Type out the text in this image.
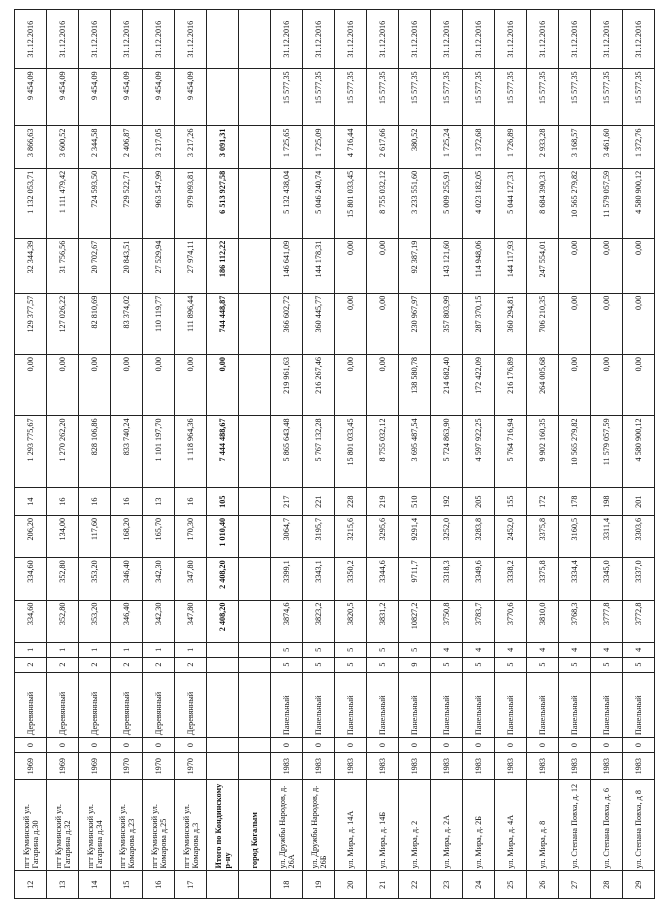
12	пгт Куминский ул. Гагарина д.30	1969	0	Деревянный	2	1	334,60	334,60	206,20	14	1 293 775,67	0,00	129 377,57	32 344,39	1 132 053,71	3 866,63	9 454,09	31.12.2016
13	пгт Куминский ул. Гагарина д.32	1969	0	Деревянный	2	1	352,80	352,80	134,00	16	1 270 262,20	0,00	127 026,22	31 756,56	1 111 479,42	3 600,52	9 454,09	31.12.2016
14	пгт Куминский ул. Гагарина д.34	1969	0	Деревянный	2	1	353,20	353,20	117,60	16	828 106,86	0,00	82 810,69	20 702,67	724 593,50	2 344,58	9 454,09	31.12.2016
15	пгт Куминский ул. Комарова д.23	1970	0	Деревянный	2	1	346,40	346,40	168,20	16	833 740,24	0,00	83 374,02	20 843,51	729 522,71	2 406,87	9 454,09	31.12.2016
16	пгт Куминский ул. Комарова д.25	1970	0	Деревянный	2	1	342,30	342,30	165,70	13	1 101 197,70	0,00	110 119,77	27 529,94	963 547,99	3 217,05	9 454,09	31.12.2016
17	пгт Куминский ул. Комарова д.3	1970	0	Деревянный	2	1	347,80	347,80	170,30	16	1 118 964,36	0,00	111 896,44	27 974,11	979 093,81	3 217,26	9 454,09	31.12.2016
	Итого по Кондинскому р-ну						2 408,20	2 408,20	1 010,40	105	7 444 488,67	0,00	744 448,87	186 112,22	6 513 927,58	3 091,31		
	город Когалым																	
18	ул. Дружбы Народов, д. 26А	1983	0	Панельный	5	5	3874,6	3399,1	3064,7	217	5 865 643,48	219 961,63	366 602,72	146 641,09	5 132 438,04	1 725,65	15 577,35	31.12.2016
19	ул. Дружбы Народов, д. 26Б	1983	0	Панельный	5	5	3823,2	3343,1	3195,7	221	5 767 132,28	216 267,46	360 445,77	144 178,31	5 046 240,74	1 725,09	15 577,35	31.12.2016
20	ул. Мира, д. 14А	1983	0	Панельный	5	5	3820,5	3350,2	3215,6	228	15 801 033,45	0,00	0,00	0,00	15 801 033,45	4 716,44	15 577,35	31.12.2016
21	ул. Мира, д. 14Б	1983	0	Панельный	5	5	3831,2	3344,6	3295,6	219	8 755 032,12	0,00	0,00	0,00	8 755 032,12	2 617,66	15 577,35	31.12.2016
22	ул. Мира, д. 2	1983	0	Панельный	9	5	10827,2	9711,7	9291,4	510	3 695 487,54	138 580,78	230 967,97	92 387,19	3 233 551,60	380,52	15 577,35	31.12.2016
23	ул. Мира, д. 2А	1983	0	Панельный	5	4	3750,8	3318,3	3252,0	192	5 724 863,90	214 682,40	357 803,99	143 121,60	5 009 255,91	1 725,24	15 577,35	31.12.2016
24	ул. Мира, д. 2Б	1983	0	Панельный	5	4	3783,7	3349,6	3283,8	205	4 597 922,25	172 422,09	287 370,15	114 948,06	4 023 182,05	1 372,68	15 577,35	31.12.2016
25	ул. Мира, д. 4А	1983	0	Панельный	5	4	3770,6	3338,2	2452,0	155	5 764 716,94	216 176,89	360 294,81	144 117,93	5 044 127,31	1 726,89	15 577,35	31.12.2016
26	ул. Мира, д. 8	1983	0	Панельный	5	4	3810,0	3375,8	3375,8	172	9 902 160,35	264 005,68	706 210,35	247 554,01	8 684 390,31	2 933,28	15 577,35	31.12.2016
27	ул. Степана Повха, д. 12	1983	0	Панельный	5	4	3768,3	3334,4	3160,5	178	10 565 279,82	0,00	0,00	0,00	10 565 279,82	3 168,57	15 577,35	31.12.2016
28	ул. Степана Повха, д. 6	1983	0	Панельный	5	4	3777,8	3345,0	3311,4	198	11 579 057,59	0,00	0,00	0,00	11 579 057,59	3 461,60	15 577,35	31.12.2016
29	ул. Степана Повха, д 8	1983	0	Панельный	5	4	3772,8	3337,0	3303,6	201	4 580 900,12	0,00	0,00	0,00	4 580 900,12	1 372,76	15 577,35	31.12.2016
